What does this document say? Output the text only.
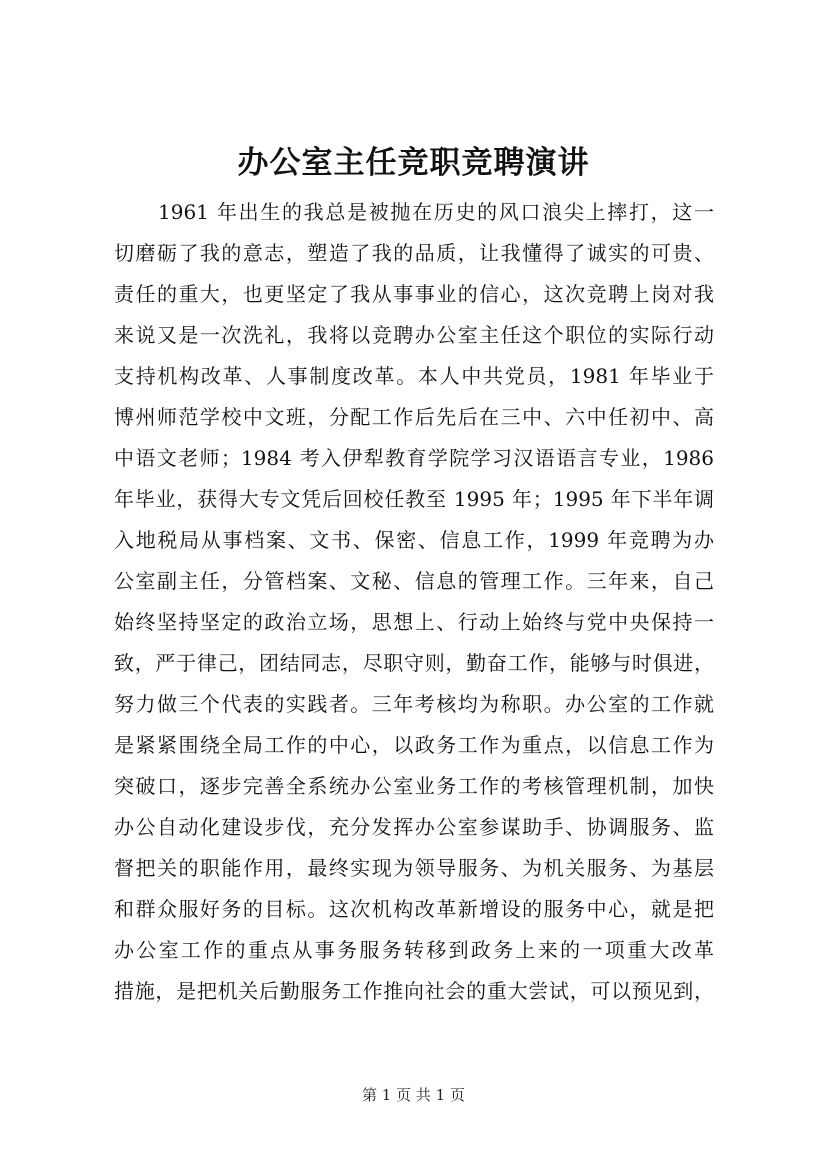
办公室主任竞职竞聘演讲
1961 年出生的我总是被抛在历史的风口浪尖上摔打，这一
切磨砺了我的意志，塑造了我的品质，让我懂得了诚实的可贵、
责任的重大，也更坚定了我从事事业的信心，这次竞聘上岗对我
来说又是一次洗礼，我将以竞聘办公室主任这个职位的实际行动
支持机构改革、人事制度改革。本人中共党员，1981 年毕业于
博州师范学校中文班，分配工作后先后在三中、六中任初中、高
中语文老师；1984 考入伊犁教育学院学习汉语语言专业，1986
年毕业，获得大专文凭后回校任教至 1995 年；1995 年下半年调
入地税局从事档案、文书、保密、信息工作，1999 年竞聘为办
公室副主任，分管档案、文秘、信息的管理工作。三年来，自己
始终坚持坚定的政治立场，思想上、行动上始终与党中央保持一
致，严于律己，团结同志，尽职守则，勤奋工作，能够与时俱进，
努力做三个代表的实践者。三年考核均为称职。办公室的工作就
是紧紧围绕全局工作的中心，以政务工作为重点，以信息工作为
突破口，逐步完善全系统办公室业务工作的考核管理机制，加快
办公自动化建设步伐，充分发挥办公室参谋助手、协调服务、监
督把关的职能作用，最终实现为领导服务、为机关服务、为基层
和群众服好务的目标。这次机构改革新增设的服务中心，就是把
办公室工作的重点从事务服务转移到政务上来的一项重大改革
措施，是把机关后勤服务工作推向社会的重大尝试，可以预见到，
第 1 页 共 1 页
